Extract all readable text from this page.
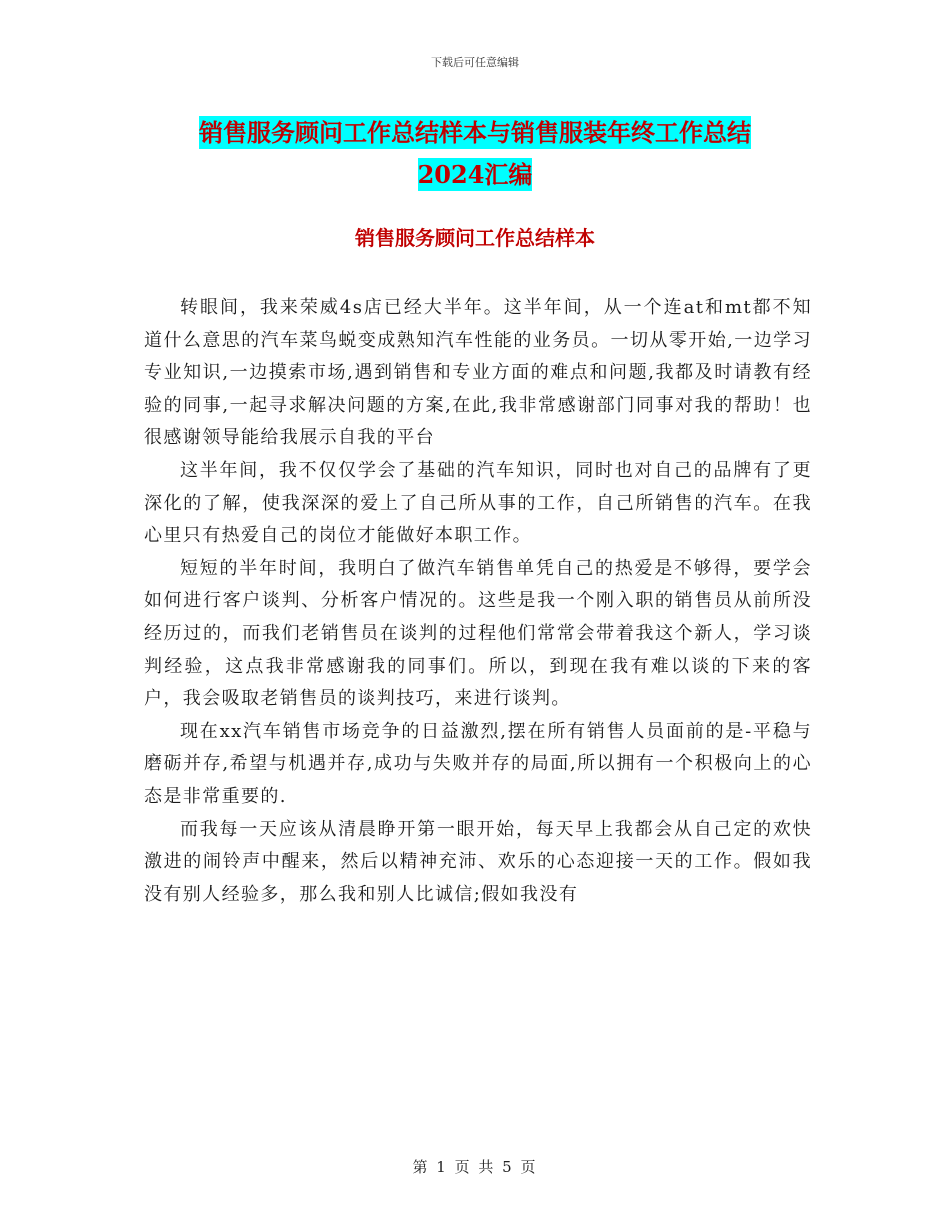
下载后可任意编辑
销售服务顾问工作总结样本与销售服装年终工作总结
2024汇编
销售服务顾问工作总结样本

转眼间，我来荣威4s店已经大半年。这半年间，从一个连at和mt都不知道什么意思的汽车菜鸟蜕变成熟知汽车性能的业务员。一切从零开始,一边学习专业知识,一边摸索市场,遇到销售和专业方面的难点和问题,我都及时请教有经验的同事,一起寻求解决问题的方案,在此,我非常感谢部门同事对我的帮助！也很感谢领导能给我展示自我的平台

这半年间，我不仅仅学会了基础的汽车知识，同时也对自己的品牌有了更深化的了解，使我深深的爱上了自己所从事的工作，自己所销售的汽车。在我心里只有热爱自己的岗位才能做好本职工作。

短短的半年时间，我明白了做汽车销售单凭自己的热爱是不够得，要学会如何进行客户谈判、分析客户情况的。这些是我一个刚入职的销售员从前所没经历过的，而我们老销售员在谈判的过程他们常常会带着我这个新人，学习谈判经验，这点我非常感谢我的同事们。所以，到现在我有难以谈的下来的客户，我会吸取老销售员的谈判技巧，来进行谈判。

现在xx汽车销售市场竞争的日益激烈,摆在所有销售人员面前的是-平稳与磨砺并存,希望与机遇并存,成功与失败并存的局面,所以拥有一个积极向上的心态是非常重要的.

而我每一天应该从清晨睁开第一眼开始，每天早上我都会从自己定的欢快激进的闹铃声中醒来，然后以精神充沛、欢乐的心态迎接一天的工作。假如我没有别人经验多，那么我和别人比诚信;假如我没有

第 1 页 共 5 页
